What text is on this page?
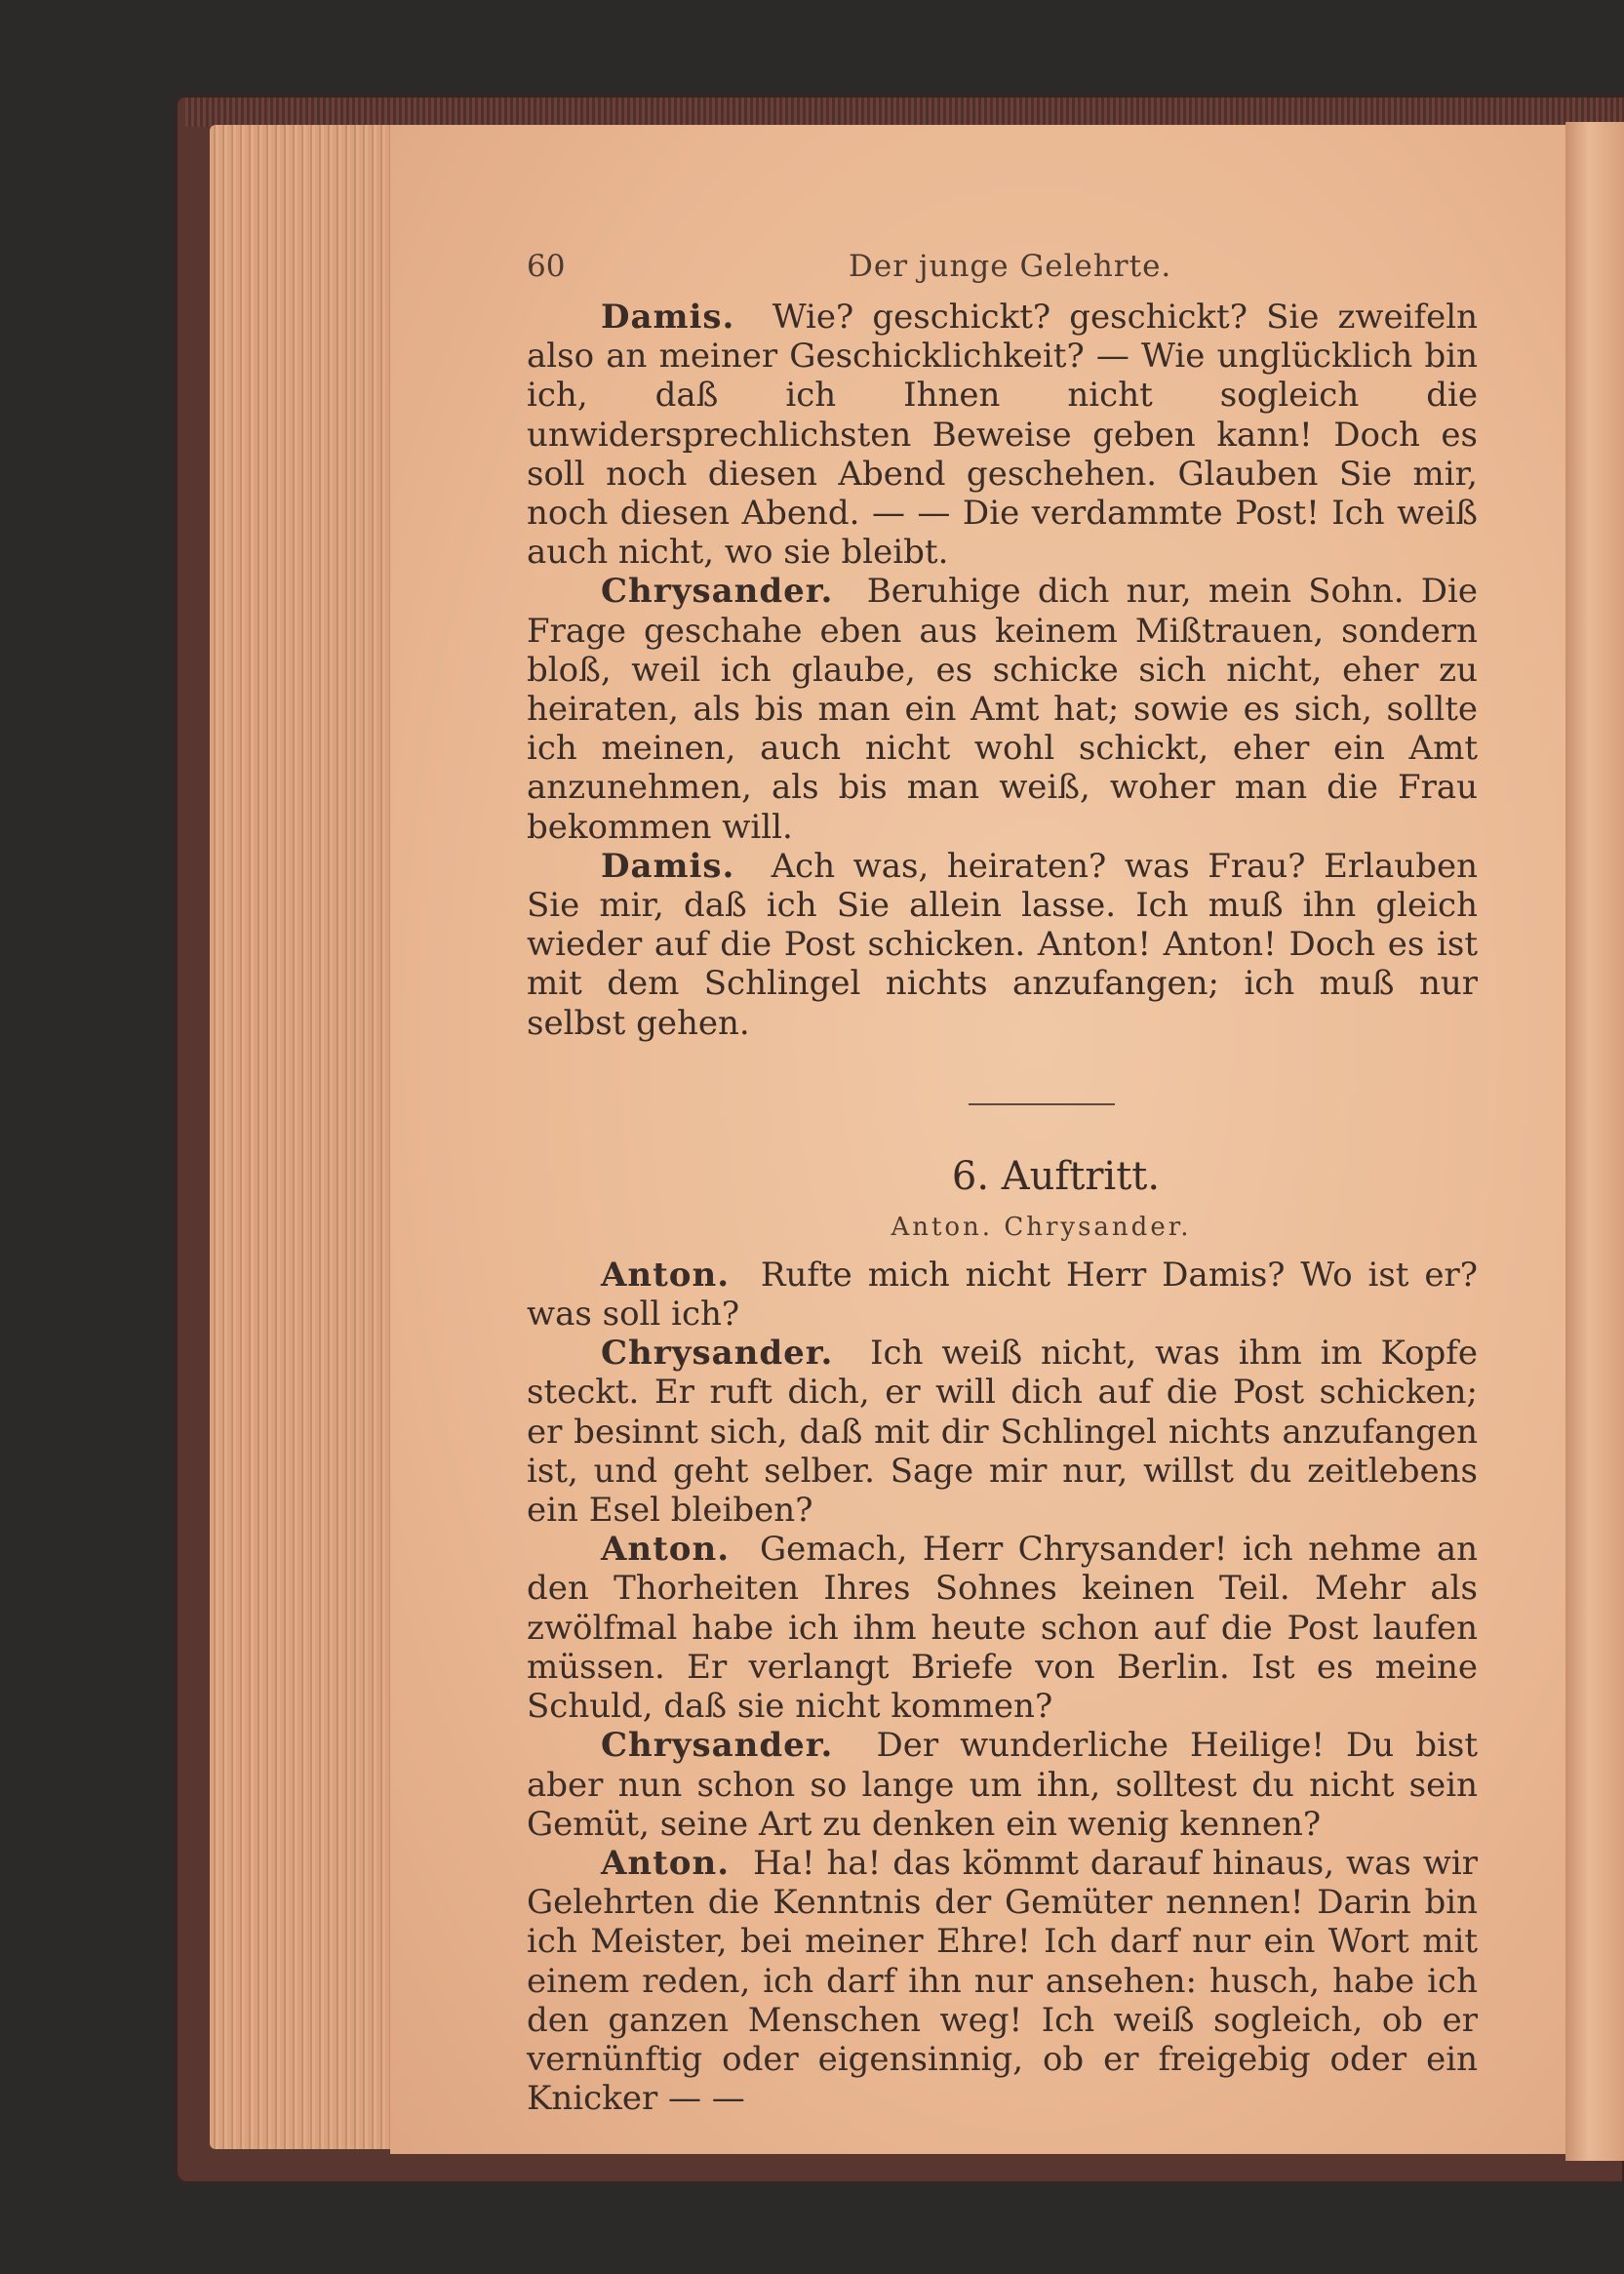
60	Der junge Gelehrte.

Damis. Wie? geschickt? geschickt? Sie zweifeln also an meiner Geschicklichkeit? — Wie unglücklich bin ich, daß ich Ihnen nicht sogleich die unwidersprechlichsten Beweise geben kann! Doch es soll noch diesen Abend geschehen. Glauben Sie mir, noch diesen Abend. — — Die verdammte Post! Ich weiß auch nicht, wo sie bleibt.

Chrysander. Beruhige dich nur, mein Sohn. Die Frage geschahe eben aus keinem Mißtrauen, sondern bloß, weil ich glaube, es schicke sich nicht, eher zu heiraten, als bis man ein Amt hat; sowie es sich, sollte ich meinen, auch nicht wohl schickt, eher ein Amt anzunehmen, als bis man weiß, woher man die Frau bekommen will.

Damis. Ach was, heiraten? was Frau? Erlauben Sie mir, daß ich Sie allein lasse. Ich muß ihn gleich wieder auf die Post schicken. Anton! Anton! Doch es ist mit dem Schlingel nichts anzufangen; ich muß nur selbst gehen.

6. Auftritt.
Anton. Chrysander.

Anton. Rufte mich nicht Herr Damis? Wo ist er? was soll ich?

Chrysander. Ich weiß nicht, was ihm im Kopfe steckt. Er ruft dich, er will dich auf die Post schicken; er besinnt sich, daß mit dir Schlingel nichts anzufangen ist, und geht selber. Sage mir nur, willst du zeitlebens ein Esel bleiben?

Anton. Gemach, Herr Chrysander! ich nehme an den Thorheiten Ihres Sohnes keinen Teil. Mehr als zwölfmal habe ich ihm heute schon auf die Post laufen müssen. Er verlangt Briefe von Berlin. Ist es meine Schuld, daß sie nicht kommen?

Chrysander. Der wunderliche Heilige! Du bist aber nun schon so lange um ihn, solltest du nicht sein Gemüt, seine Art zu denken ein wenig kennen?

Anton. Ha! ha! das kömmt darauf hinaus, was wir Gelehrten die Kenntnis der Gemüter nennen! Darin bin ich Meister, bei meiner Ehre! Ich darf nur ein Wort mit einem reden, ich darf ihn nur ansehen: husch, habe ich den ganzen Menschen weg! Ich weiß sogleich, ob er vernünftig oder eigensinnig, ob er freigebig oder ein Knicker — —
